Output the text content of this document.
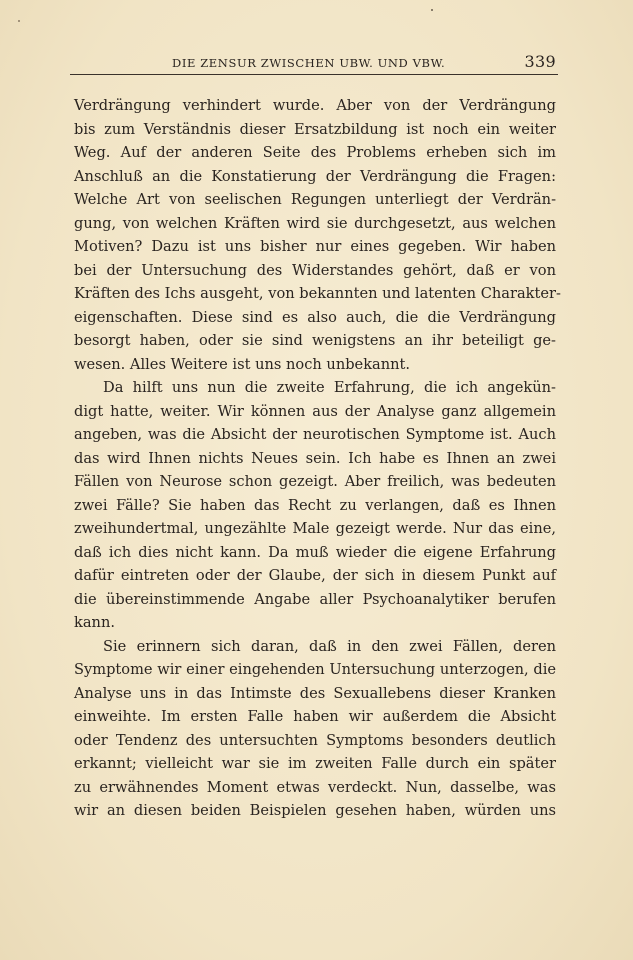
DIE ZENSUR ZWISCHEN UBW. UND VBW.	339
Verdrängung verhindert wurde. Aber von der Verdrängung
bis zum Verständnis dieser Ersatzbildung ist noch ein weiter
Weg. Auf der anderen Seite des Problems erheben sich im
Anschluß an die Konstatierung der Verdrängung die Fragen:
Welche Art von seelischen Regungen unterliegt der Verdrän-
gung, von welchen Kräften wird sie durchgesetzt, aus welchen
Motiven? Dazu ist uns bisher nur eines gegeben. Wir haben
bei der Untersuchung des Widerstandes gehört, daß er von
Kräften des Ichs ausgeht, von bekannten und latenten Charakter-
eigenschaften. Diese sind es also auch, die die Verdrängung
besorgt haben, oder sie sind wenigstens an ihr beteiligt ge-
wesen. Alles Weitere ist uns noch unbekannt.
Da hilft uns nun die zweite Erfahrung, die ich angekün-
digt hatte, weiter. Wir können aus der Analyse ganz allgemein
angeben, was die Absicht der neurotischen Symptome ist. Auch
das wird Ihnen nichts Neues sein. Ich habe es Ihnen an zwei
Fällen von Neurose schon gezeigt. Aber freilich, was bedeuten
zwei Fälle? Sie haben das Recht zu verlangen, daß es Ihnen
zweihundertmal, ungezählte Male gezeigt werde. Nur das eine,
daß ich dies nicht kann. Da muß wieder die eigene Erfahrung
dafür eintreten oder der Glaube, der sich in diesem Punkt auf
die übereinstimmende Angabe aller Psychoanalytiker berufen
kann.
Sie erinnern sich daran, daß in den zwei Fällen, deren
Symptome wir einer eingehenden Untersuchung unterzogen, die
Analyse uns in das Intimste des Sexuallebens dieser Kranken
einweihte. Im ersten Falle haben wir außerdem die Absicht
oder Tendenz des untersuchten Symptoms besonders deutlich
erkannt; vielleicht war sie im zweiten Falle durch ein später
zu erwähnendes Moment etwas verdeckt. Nun, dasselbe, was
wir an diesen beiden Beispielen gesehen haben, würden uns
